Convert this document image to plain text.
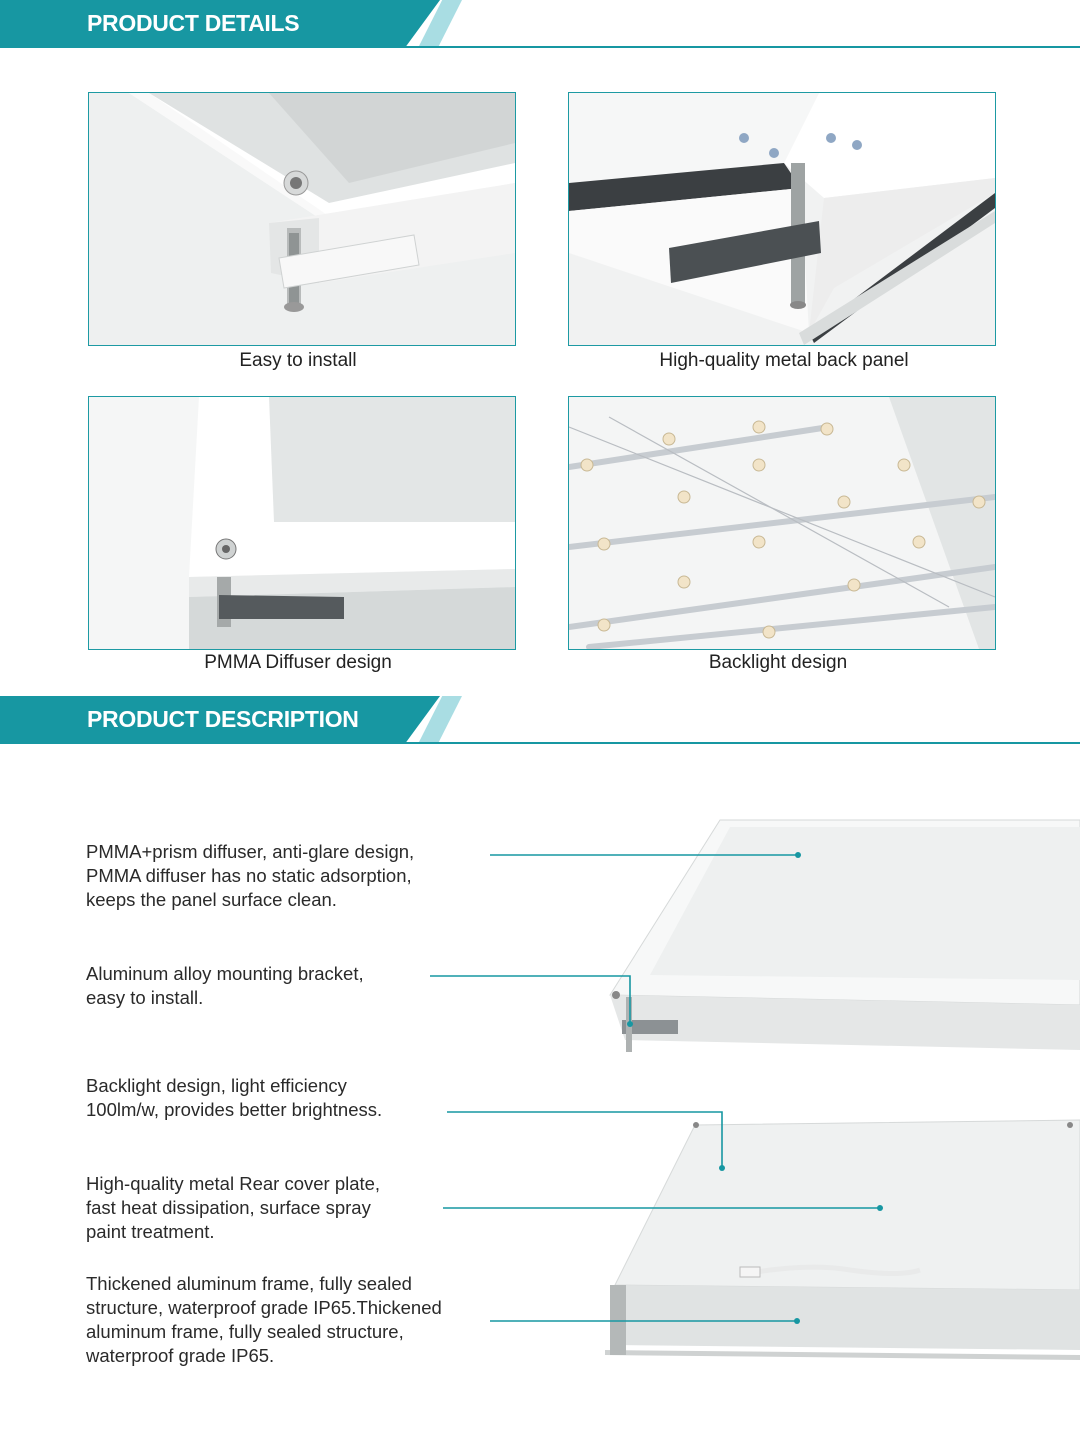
PRODUCT DETAILS
Easy to install	High-quality metal back panel
PMMA Diffuser design	Backlight design
PRODUCT DESCRIPTION
PMMA+prism diffuser, anti-glare design,
PMMA diffuser has no static adsorption,
keeps the panel surface clean.
Aluminum alloy mounting bracket,
easy to install.
Backlight design, light efficiency
100lm/w, provides better brightness.
High-quality metal Rear cover plate,
fast heat dissipation, surface spray
paint treatment.
Thickened aluminum frame, fully sealed
structure, waterproof grade IP65.Thickened
aluminum frame, fully sealed structure,
waterproof grade IP65.
